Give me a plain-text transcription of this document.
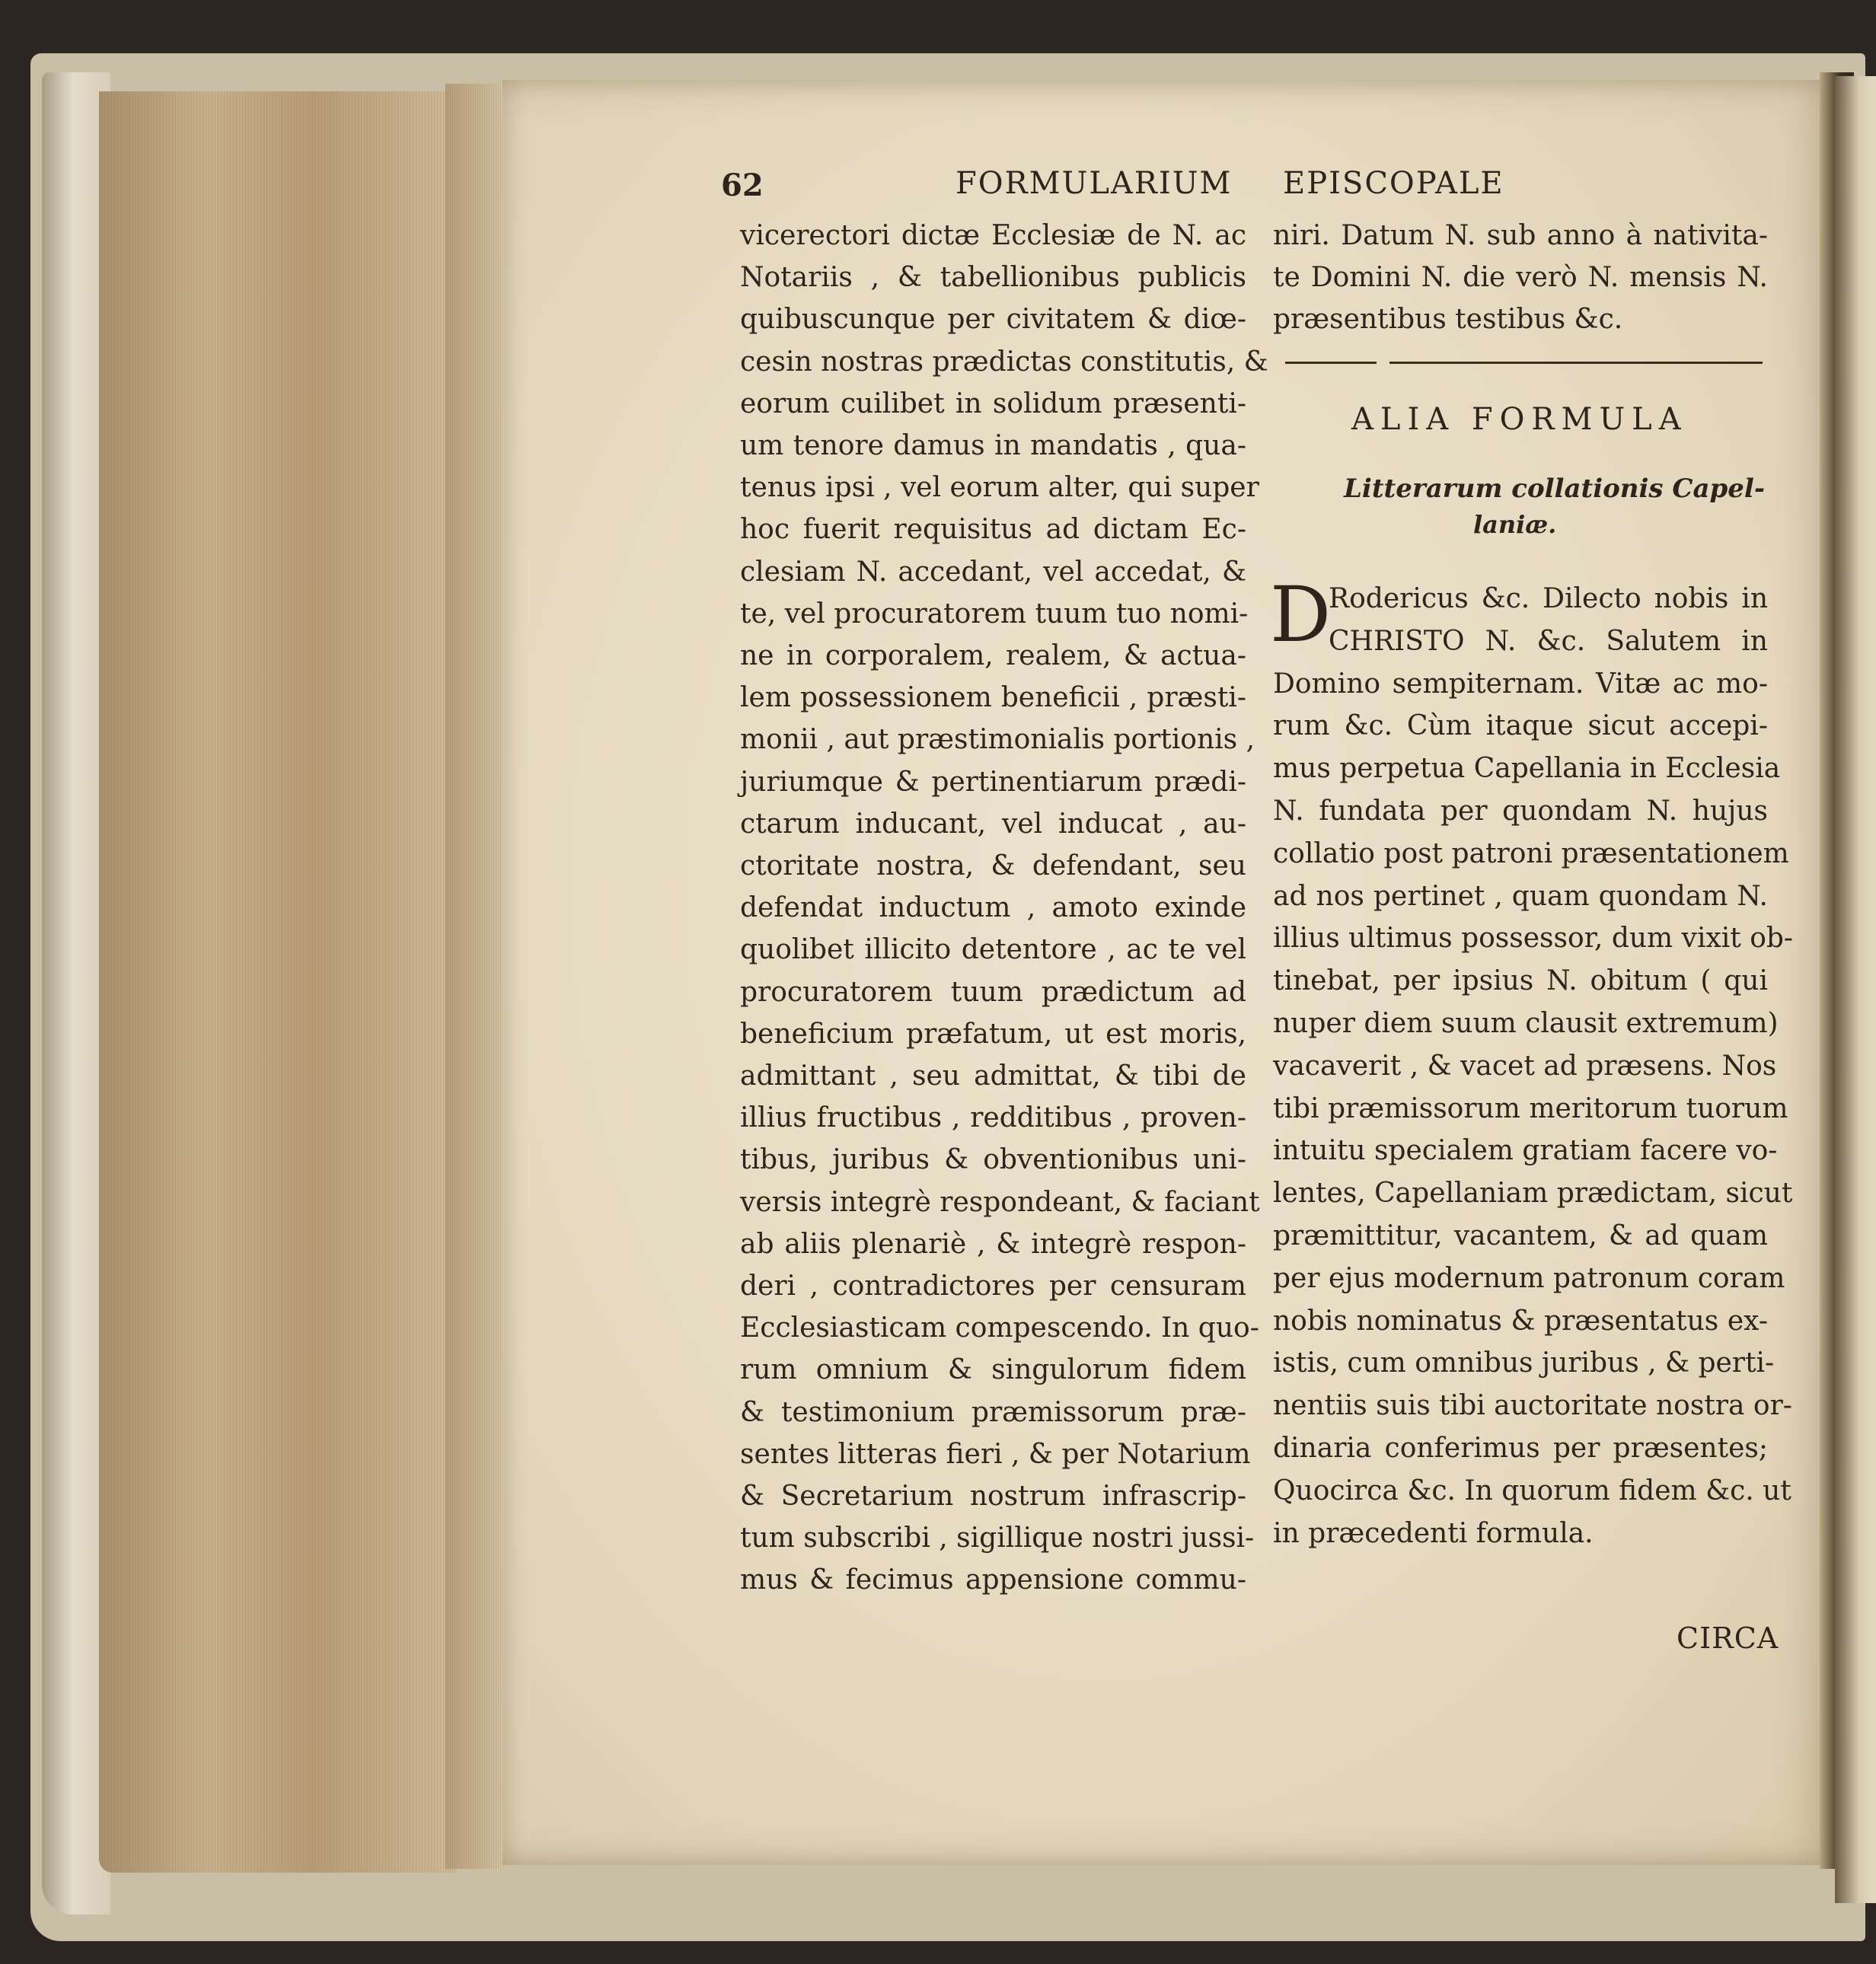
62	FORMULARIUM EPISCOPALE
vicerectori dictæ Ecclesiæ de N. ac
Notariis , & tabellionibus publicis
quibuscunque per civitatem & diœ-
cesin nostras prædictas constitutis, &
eorum cuilibet in solidum præsenti-
um tenore damus in mandatis , qua-
tenus ipsi , vel eorum alter, qui super
hoc fuerit requisitus ad dictam Ec-
clesiam N. accedant, vel accedat, &
te, vel procuratorem tuum tuo nomi-
ne in corporalem, realem, & actua-
lem possessionem beneficii , præsti-
monii , aut præstimonialis portionis ,
juriumque & pertinentiarum prædi-
ctarum inducant, vel inducat , au-
ctoritate nostra, & defendant, seu
defendat inductum , amoto exinde
quolibet illicito detentore , ac te vel
procuratorem tuum prædictum ad
beneficium præfatum, ut est moris,
admittant , seu admittat, & tibi de
illius fructibus , redditibus , proven-
tibus, juribus & obventionibus uni-
versis integrè respondeant, & faciant
ab aliis plenariè , & integrè respon-
deri , contradictores per censuram
Ecclesiasticam compescendo. In quo-
rum omnium & singulorum fidem
& testimonium præmissorum præ-
sentes litteras fieri , & per Notarium
& Secretarium nostrum infrascrip-
tum subscribi , sigillique nostri jussi-
mus & fecimus appensione commu-
niri. Datum N. sub anno à nativita-
te Domini N. die verò N. mensis N.
præsentibus testibus &c.
ALIA FORMULA
Litterarum collationis Capel-
laniæ.
D
Rodericus &c. Dilecto nobis in
CHRISTO N. &c. Salutem in
Domino sempiternam. Vitæ ac mo-
rum &c. Cùm itaque sicut accepi-
mus perpetua Capellania in Ecclesia
N. fundata per quondam N. hujus
collatio post patroni præsentationem
ad nos pertinet , quam quondam N.
illius ultimus possessor, dum vixit ob-
tinebat, per ipsius N. obitum ( qui
nuper diem suum clausit extremum)
vacaverit , & vacet ad præsens. Nos
tibi præmissorum meritorum tuorum
intuitu specialem gratiam facere vo-
lentes, Capellaniam prædictam, sicut
præmittitur, vacantem, & ad quam
per ejus modernum patronum coram
nobis nominatus & præsentatus ex-
istis, cum omnibus juribus , & perti-
nentiis suis tibi auctoritate nostra or-
dinaria conferimus per præsentes;
Quocirca &c. In quorum fidem &c. ut
in præcedenti formula.
CIRCA
